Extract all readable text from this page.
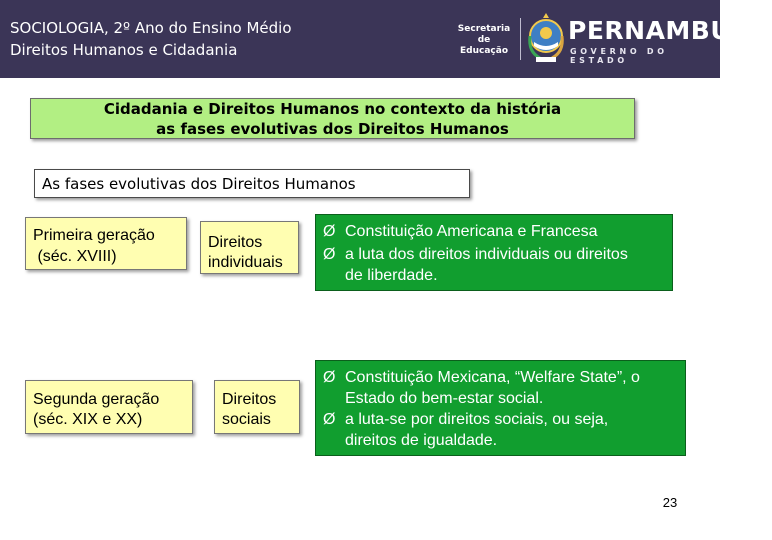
SOCIOLOGIA, 2º Ano do Ensino Médio
Direitos Humanos e Cidadania
Secretaria de
Educação
PERNAMBUCO
GOVERNO DO ESTADO
Cidadania e Direitos Humanos no contexto da história
as fases evolutivas dos Direitos Humanos
As fases evolutivas dos Direitos Humanos
Primeira geração
(séc. XVIII)
Direitos
individuais
Ø Constituição Americana e Francesa
Ø a luta dos direitos individuais ou direitos
de liberdade.
Segunda geração
(séc. XIX e XX)
Direitos
sociais
Ø Constituição Mexicana, “Welfare State”, o
Estado do bem-estar social.
Ø a luta-se por direitos sociais, ou seja,
direitos de igualdade.
23
